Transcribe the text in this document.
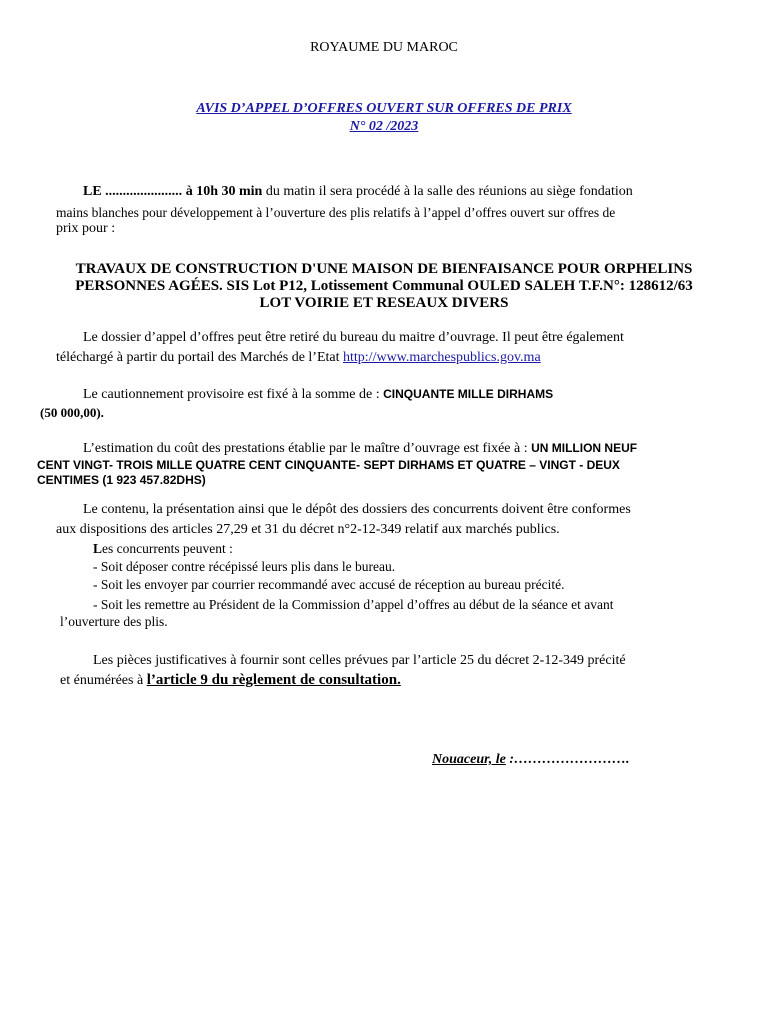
ROYAUME DU MAROC
AVIS D’APPEL D’OFFRES OUVERT SUR OFFRES DE PRIX
N° 02 /2023
LE ...................... à 10h 30 min du matin il sera procédé à la salle des réunions au siège fondation
mains blanches pour développement à l’ouverture des plis relatifs à l’appel d’offres ouvert sur offres de
prix pour :
TRAVAUX DE CONSTRUCTION D'UNE MAISON DE BIENFAISANCE POUR ORPHELINS
PERSONNES AGÉES. SIS Lot P12, Lotissement Communal OULED SALEH T.F.N°: 128612/63
LOT VOIRIE ET RESEAUX DIVERS
Le dossier d’appel d’offres peut être retiré du bureau du maitre d’ouvrage. Il peut être également
téléchargé à partir du portail des Marchés de l’Etat http://www.marchespublics.gov.ma
Le cautionnement provisoire est fixé à la somme de : CINQUANTE MILLE DIRHAMS
(50 000,00).
L’estimation du coût des prestations établie par le maître d’ouvrage est fixée à : UN MILLION NEUF
CENT VINGT- TROIS MILLE QUATRE CENT CINQUANTE- SEPT DIRHAMS ET QUATRE – VINGT - DEUX
CENTIMES (1 923 457.82DHS)
Le contenu, la présentation ainsi que le dépôt des dossiers des concurrents doivent être conformes
aux dispositions des articles 27,29 et 31 du décret n°2-12-349 relatif aux marchés publics.
Les concurrents peuvent :
- Soit déposer contre récépissé leurs plis dans le bureau.
- Soit les envoyer par courrier recommandé avec accusé de réception au bureau précité.
- Soit les remettre au Président de la Commission d’appel d’offres au début de la séance et avant
l’ouverture des plis.
Les pièces justificatives à fournir sont celles prévues par l’article 25 du décret 2-12-349 précité
et énumérées à l’article 9 du règlement de consultation.
Nouaceur, le :…………………….
